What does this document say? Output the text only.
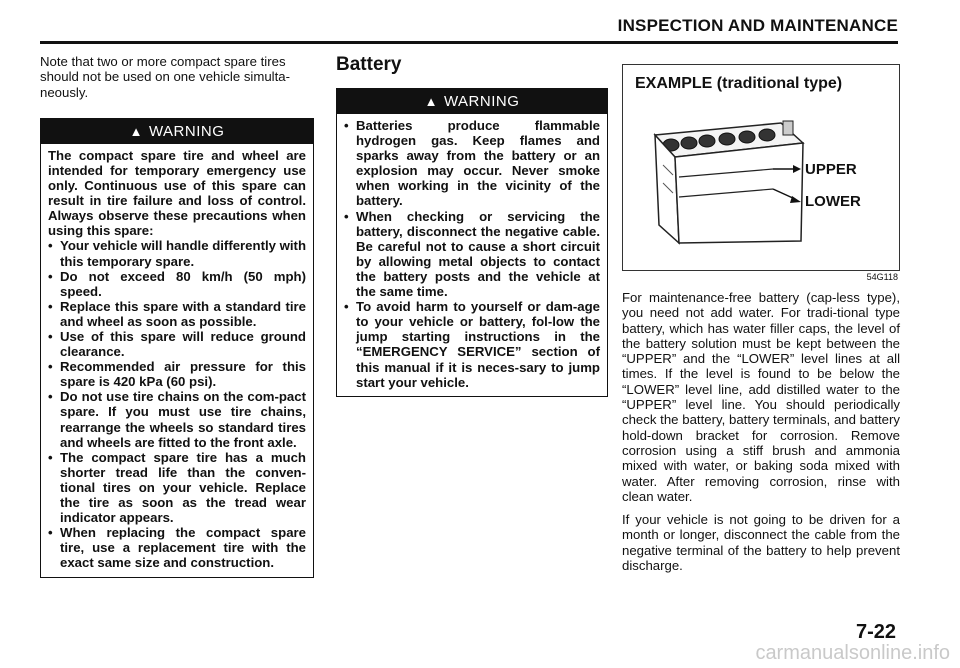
INSPECTION AND MAINTENANCE

Note that two or more compact spare tires should not be used on one vehicle simulta-neously.

▲ WARNING

The compact spare tire and wheel are intended for temporary emergency use only. Continuous use of this spare can result in tire failure and loss of control. Always observe these precautions when using this spare:

• Your vehicle will handle differently with this temporary spare.
• Do not exceed 80 km/h (50 mph) speed.
• Replace this spare with a standard tire and wheel as soon as possible.
• Use of this spare will reduce ground clearance.
• Recommended air pressure for this spare is 420 kPa (60 psi).
• Do not use tire chains on the com-pact spare. If you must use tire chains, rearrange the wheels so standard tires and wheels are fitted to the front axle.
• The compact spare tire has a much shorter tread life than the conven-tional tires on your vehicle. Replace the tire as soon as the tread wear indicator appears.
• When replacing the compact spare tire, use a replacement tire with the exact same size and construction.
Battery
▲ WARNING
• Batteries produce flammable hydrogen gas. Keep flames and sparks away from the battery or an explosion may occur. Never smoke when working in the vicinity of the battery.
• When checking or servicing the battery, disconnect the negative cable. Be careful not to cause a short circuit by allowing metal objects to contact the battery posts and the vehicle at the same time.
• To avoid harm to yourself or dam-age to your vehicle or battery, fol-low the jump starting instructions in the “EMERGENCY SERVICE” section of this manual if it is neces-sary to jump start your vehicle.
EXAMPLE (traditional type)
UPPER
LOWER
54G118

For maintenance-free battery (cap-less type), you need not add water. For tradi-tional type battery, which has water filler caps, the level of the battery solution must be kept between the “UPPER” and the “LOWER” level lines at all times. If the level is found to be below the “LOWER” level line, add distilled water to the “UPPER” level line. You should periodically check the battery, battery terminals, and battery hold-down bracket for corrosion. Remove corrosion using a stiff brush and ammonia mixed with water, or baking soda mixed with water. After removing corrosion, rinse with clean water.

If your vehicle is not going to be driven for a month or longer, disconnect the cable from the negative terminal of the battery to help prevent discharge.

7-22
carmanualsonline.info
